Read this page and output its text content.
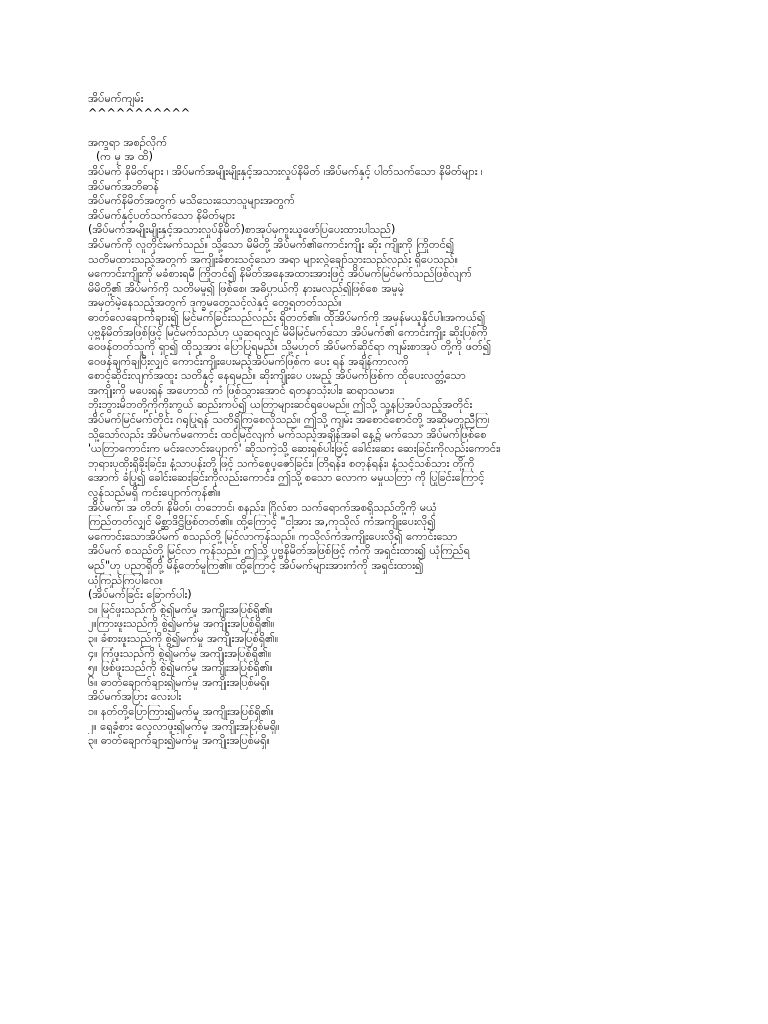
အိပ်မက်ကျမ်း
^^^^^^^^^^^
အက္ခရာ အစဉ်လိုက်
(က မှ အ ထိ)
အိပ်မက် နိမိတ်များ ၊ အိပ်မက်အမျိုးမျိုးနှင့်အသားလှုပ်နိမိတ် ၊အိပ်မက်နှင့် ပါတ်သက်သော နိမိတ်များ ၊
အိပ်မက်အဘိဓာန်
အိပ်မက်နိမိတ်အတွက် မသိသေးသောသူများအတွက်
အိပ်မက်နှင့်ပတ်သက်သော နိမိတ်များ
(အိပ်မက်အမျိုးမျိုးနှင့်အသားလှုပ်နိမိတ်)စာအုပ်မှကူးယူဖော်ပြပေးထားပါသည်)
အိပ်မက်ကို လူတိုင်းမက်သည်။ သို့သော မိမိတို့ အိပ်မက်၏ကောင်းကျိုး ဆိုး ကျိုးကို ကြိုတင်၍
သတိမထားသည့်အတွက် အကျိုးခံစားသင့်သော အရာ များလွဲချော်သွားသည်လည်း ရှိပေသည်။
မကောင်းကျိုးကို မခံစားရမီ ကြိုတင်၍ နိမိတ်အနေအထားအားဖြင့် အိပ်မက်မြင်မက်သည်ဖြစ်လျက်
မိမိတို့၏ အိပ်မက်ကို သတိမမူ၍ ဖြစ်စေ၊ အဓိပ္ပာယ်ကို နားမလည်၍ဖြစ်စေ အမှုမဲ့
အမှတ်မဲ့နေသည့်အတွက် ဒုက္ခမတွေ့သင့်လဲနှင့် တွေ့ရတတ်သည်။
ဓာတ်လေချောက်ချား၍ မြင်မက်ခြင်းသည်လည်း ရှိတတ်၏။ ထိုအိပ်မက်ကို အမှန်မယူနိုင်ပါ။အကယ်၍
ပုဗ္ဗနိမိတ်အဖြစ်ဖြင့် မြင်မက်သည်ဟု ယူဆရလျှင် မိမိမြင်မက်သော အိပ်မက်၏ ကောင်းကျိုး ဆိုးပြစ်ကို
ဝေဖန်တတ်သူကို ရှာ၍ ထိုသူအား ပြောပြရမည်။ သို့မဟုတ် အိပ်မက်ဆိုင်ရာ ကျမ်းစာအုပ် တို့ကို ဖတ်၍
ဝေဖန်ချက်ချပြီးလျှင် ကောင်းကျိုးပေးမည့်အိပ်မက်ဖြစ်က ပေး ရန် အချိန်ကာလကို
စောင့်ဆိုင်းလျက်အထူး သတိနှင့် နေရမည်။ ဆိုးကျိုးပေ ပးမည့် အိပ်မက်ဖြစ်က ထိုပေးလတ္တံ့သော
အကျိုးကို မပေးရန် အဟောသိ ကံ ဖြစ်သွားအောင် ရတနာသုံးပါး၊ ဆရာသမား၊
ဘိုးဘွားမိဘတို့ကိုကိုးကွယ် ဆည်းကပ်၍ ယတြာများဆင်ရပေမည်။ ဤသို့ သူ့နပြအပ်သည့်အတိုင်း
အိပ်မက်မြင်မက်တိုင်း ဂရုပြုရန် သတိရှိကြစေလိုသည်။ ဤသို့ ကျမ်း အစောင်စောင်တို့ အဆိုမတူညီကြ၊
သို့သော်လည်း အိပ်မက်မကောင်း ထင်မြင်လျက် မက်သည့်အချိန်အခါ နေ့၌ မက်သော အိပ်မက်ဖြစ်စေ
'ယတြာကောင်းက မင်းလောင်းပျောက်' ဆိုသကဲ့သို့ ဆေးရှစ်ပါးဖြင့် ခေါင်းဆေး ဆေးခြင်းကိုလည်းကောင်း၊
ဘုရားပုထိုးရှိခိုးခြင်း၊ နံ့သာပန်းတို့ဖြင့် သက်စေ့ပူဇော်ခြင်း၊ တြိရန်း၊ စတုန်ရန်း၊ နံ့သင့်သစ်သား တို့ကို
အောက် ခံပြု၍ ခေါင်းဆေးခြင်းကိုလည်းကောင်း၊ ဤသို့ စသော လောက မမှုယတြာ ကို ပြုခြင်းကြောင့်
လွန်သည်မရှိ ကင်းပျောက်ကုန်၏။
အိပ်မက်၊ အ တိတ်၊ နိမိတ်၊ တဘောင်၊ စနည်း၊ ဂြိုလ်စာ သက်ရောက်အစရှိသည်တို့ကို မယုံ
ကြည်တတ်လျှင် မိစ္ဆာဒိဋ္ဌိဖြစ်တတ်၏။ ထို့ကြောင့် "ငါ့အား အ,ကုသိုလ် ကံအကျိုးပေးလို၍
မကောင်းသောအိပ်မက် စသည်တို့ မြင်လာကုန်သည်။ ကုသိုလ်ကံအကျိုးပေးလို၍ ကောင်းသော
အိပ်မက် စသည်တို့ မြင်လာ ကုန်သည်။ ဤသို့ ပုဗ္ဗနိမိတ်အဖြစ်ဖြင့် ကံကို အရှင်းထား၍ ယုံကြည်ရ
မည်"ဟု ပညာရှိတို့ မိန့်တော်မူကြ၏။ ထို့ကြောင့် အိပ်မက်များအားကံကို အရှင်းထား၍
ယုံကြည်ကြပါလေ။
(အိပ်မက်ခြင်း ခြောက်ပါး)
၁။ မြင်ဖူးသည်ကို စွဲ၍မက်မှု အကျိုးအပြစ်ရှိ၏။
၂။ကြားဖူးသည်ကို စွဲ၍မက်မှု အကျိုးအပြစ်ရှိ၏။
၃။ ခံစားဖူးသည်ကို စွဲ၍မက်မှု အကျိုးအပြစ်ရှိ၏။
၄။ ကြံဖူးသည်ကို စွဲ၍မက်မှု အကျိုးအပြစ်ရှိ၏။
၅။ ဖြစ်ဖူးသည်ကို စွဲ၍မက်မှု အကျိုးအပြစ်ရှိ၏။
၆။ ဓာတ်ချောက်ချား၍မက်မှု အကျိုးအပြစ်မရှိ။
အိပ်မက်အပြား လေးပါး
၁။ နတ်တို့ပြောကြား၍မက်မှု အကျိုးအပြစ်ရှိ၏။
၂။ ရှေ့ခံစား လေ့လာဖူး၍မက်မှု အကျိုးအပြစ်မရှိ။
၃။ ဓာတ်ချောက်ချား၍မက်မှု အကျိုးအပြစ်မရှိ။
